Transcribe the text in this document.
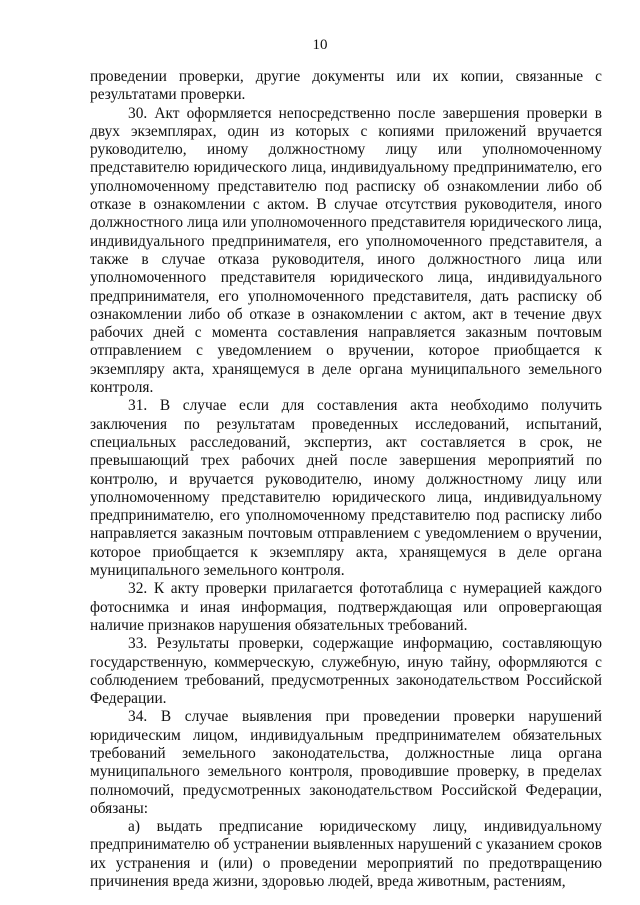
10

проведении проверки, другие документы или их копии, связанные с результатами проверки.

30. Акт оформляется непосредственно после завершения проверки в двух экземплярах, один из которых с копиями приложений вручается руководителю, иному должностному лицу или уполномоченному представителю юридического лица, индивидуальному предпринимателю, его уполномоченному представителю под расписку об ознакомлении либо об отказе в ознакомлении с актом. В случае отсутствия руководителя, иного должностного лица или уполномоченного представителя юридического лица, индивидуального предпринимателя, его уполномоченного представителя, а также в случае отказа руководителя, иного должностного лица или уполномоченного представителя юридического лица, индивидуального предпринимателя, его уполномоченного представителя, дать расписку об ознакомлении либо об отказе в ознакомлении с актом, акт в течение двух рабочих дней с момента составления направляется заказным почтовым отправлением с уведомлением о вручении, которое приобщается к экземпляру акта, хранящемуся в деле органа муниципального земельного контроля.

31. В случае если для составления акта необходимо получить заключения по результатам проведенных исследований, испытаний, специальных расследований, экспертиз, акт составляется в срок, не превышающий трех рабочих дней после завершения мероприятий по контролю, и вручается руководителю, иному должностному лицу или уполномоченному представителю юридического лица, индивидуальному предпринимателю, его уполномоченному представителю под расписку либо направляется заказным почтовым отправлением с уведомлением о вручении, которое приобщается к экземпляру акта, хранящемуся в деле органа муниципального земельного контроля.

32. К акту проверки прилагается фототаблица с нумерацией каждого фотоснимка и иная информация, подтверждающая или опровергающая наличие признаков нарушения обязательных требований.

33. Результаты проверки, содержащие информацию, составляющую государственную, коммерческую, служебную, иную тайну, оформляются с соблюдением требований, предусмотренных законодательством Российской Федерации.

34. В случае выявления при проведении проверки нарушений юридическим лицом, индивидуальным предпринимателем обязательных требований земельного законодательства, должностные лица органа муниципального земельного контроля, проводившие проверку, в пределах полномочий, предусмотренных законодательством Российской Федерации, обязаны:

а) выдать предписание юридическому лицу, индивидуальному предпринимателю об устранении выявленных нарушений с указанием сроков их устранения и (или) о проведении мероприятий по предотвращению причинения вреда жизни, здоровью людей, вреда животным, растениям,
